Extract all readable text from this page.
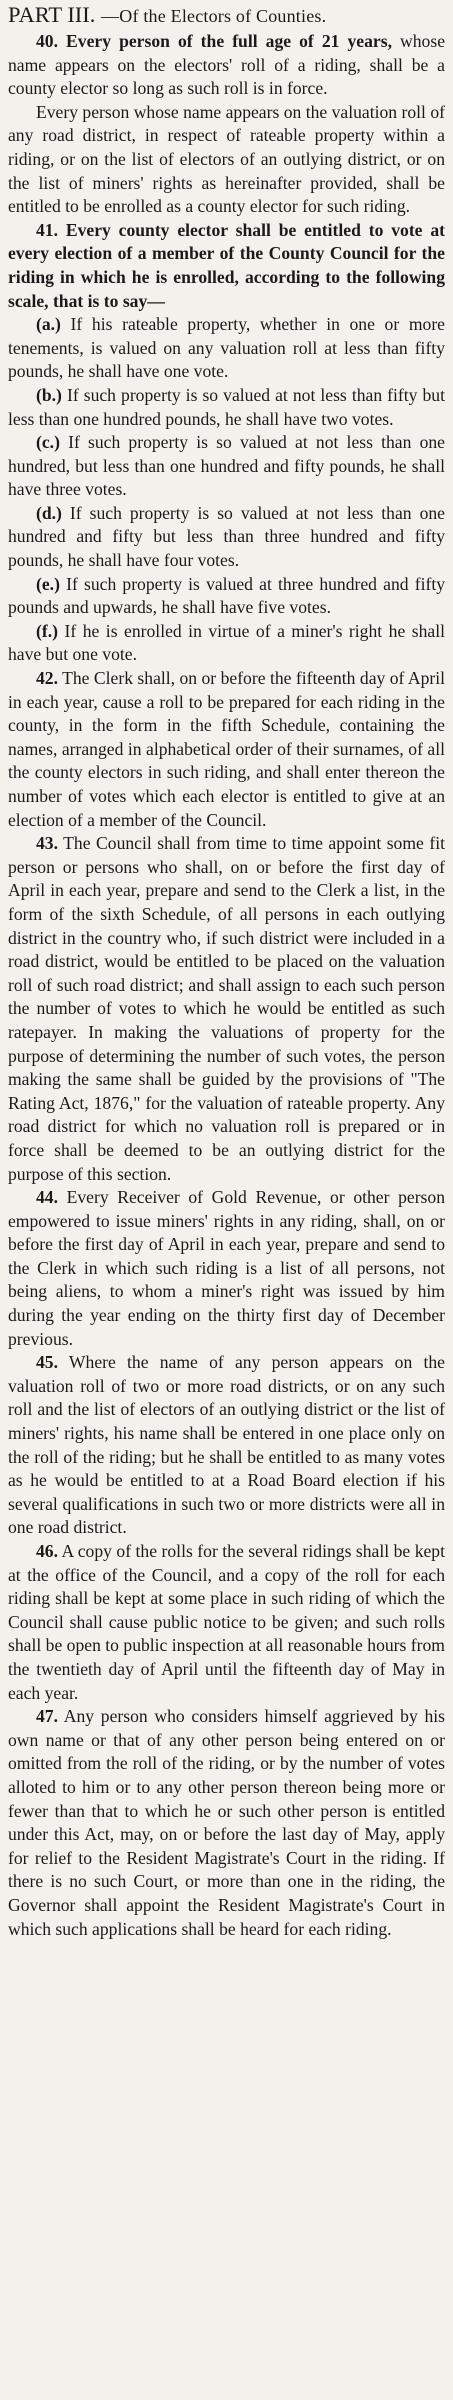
PART III. —Of the Electors of Counties.

40. Every person of the full age of 21 years, whose name appears on the electors' roll of a riding, shall be a county elector so long as such roll is in force.

Every person whose name appears on the valuation roll of any road district, in respect of rateable property within a riding, or on the list of electors of an outlying district, or on the list of miners' rights as hereinafter provided, shall be entitled to be enrolled as a county elector for such riding.

41. Every county elector shall be entitled to vote at every election of a member of the County Council for the riding in which he is enrolled, according to the following scale, that is to say—

(a.) If his rateable property, whether in one or more tenements, is valued on any valuation roll at less than fifty pounds, he shall have one vote.

(b.) If such property is so valued at not less than fifty but less than one hundred pounds, he shall have two votes.

(c.) If such property is so valued at not less than one hundred, but less than one hundred and fifty pounds, he shall have three votes.

(d.) If such property is so valued at not less than one hundred and fifty but less than three hundred and fifty pounds, he shall have four votes.

(e.) If such property is valued at three hundred and fifty pounds and upwards, he shall have five votes.

(f.) If he is enrolled in virtue of a miner's right he shall have but one vote.

42. The Clerk shall, on or before the fifteenth day of April in each year, cause a roll to be prepared for each riding in the county, in the form in the fifth Schedule, containing the names, arranged in alphabetical order of their surnames, of all the county electors in such riding, and shall enter thereon the number of votes which each elector is entitled to give at an election of a member of the Council.

43. The Council shall from time to time appoint some fit person or persons who shall, on or before the first day of April in each year, prepare and send to the Clerk a list, in the form of the sixth Schedule, of all persons in each outlying district in the country who, if such district were included in a road district, would be entitled to be placed on the valuation roll of such road district; and shall assign to each such person the number of votes to which he would be entitled as such ratepayer. In making the valuations of property for the purpose of determining the number of such votes, the person making the same shall be guided by the provisions of "The Rating Act, 1876," for the valuation of rateable property. Any road district for which no valuation roll is prepared or in force shall be deemed to be an outlying district for the purpose of this section.

44. Every Receiver of Gold Revenue, or other person empowered to issue miners' rights in any riding, shall, on or before the first day of April in each year, prepare and send to the Clerk in which such riding is a list of all persons, not being aliens, to whom a miner's right was issued by him during the year ending on the thirty first day of December previous.

45. Where the name of any person appears on the valuation roll of two or more road districts, or on any such roll and the list of electors of an outlying district or the list of miners' rights, his name shall be entered in one place only on the roll of the riding; but he shall be entitled to as many votes as he would be entitled to at a Road Board election if his several qualifications in such two or more districts were all in one road district.

46. A copy of the rolls for the several ridings shall be kept at the office of the Council, and a copy of the roll for each riding shall be kept at some place in such riding of which the Council shall cause public notice to be given; and such rolls shall be open to public inspection at all reasonable hours from the twentieth day of April until the fifteenth day of May in each year.

47. Any person who considers himself aggrieved by his own name or that of any other person being entered on or omitted from the roll of the riding, or by the number of votes alloted to him or to any other person thereon being more or fewer than that to which he or such other person is entitled under this Act, may, on or before the last day of May, apply for relief to the Resident Magistrate's Court in the riding. If there is no such Court, or more than one in the riding, the Governor shall appoint the Resident Magistrate's Court in which such applications shall be heard for each riding.
